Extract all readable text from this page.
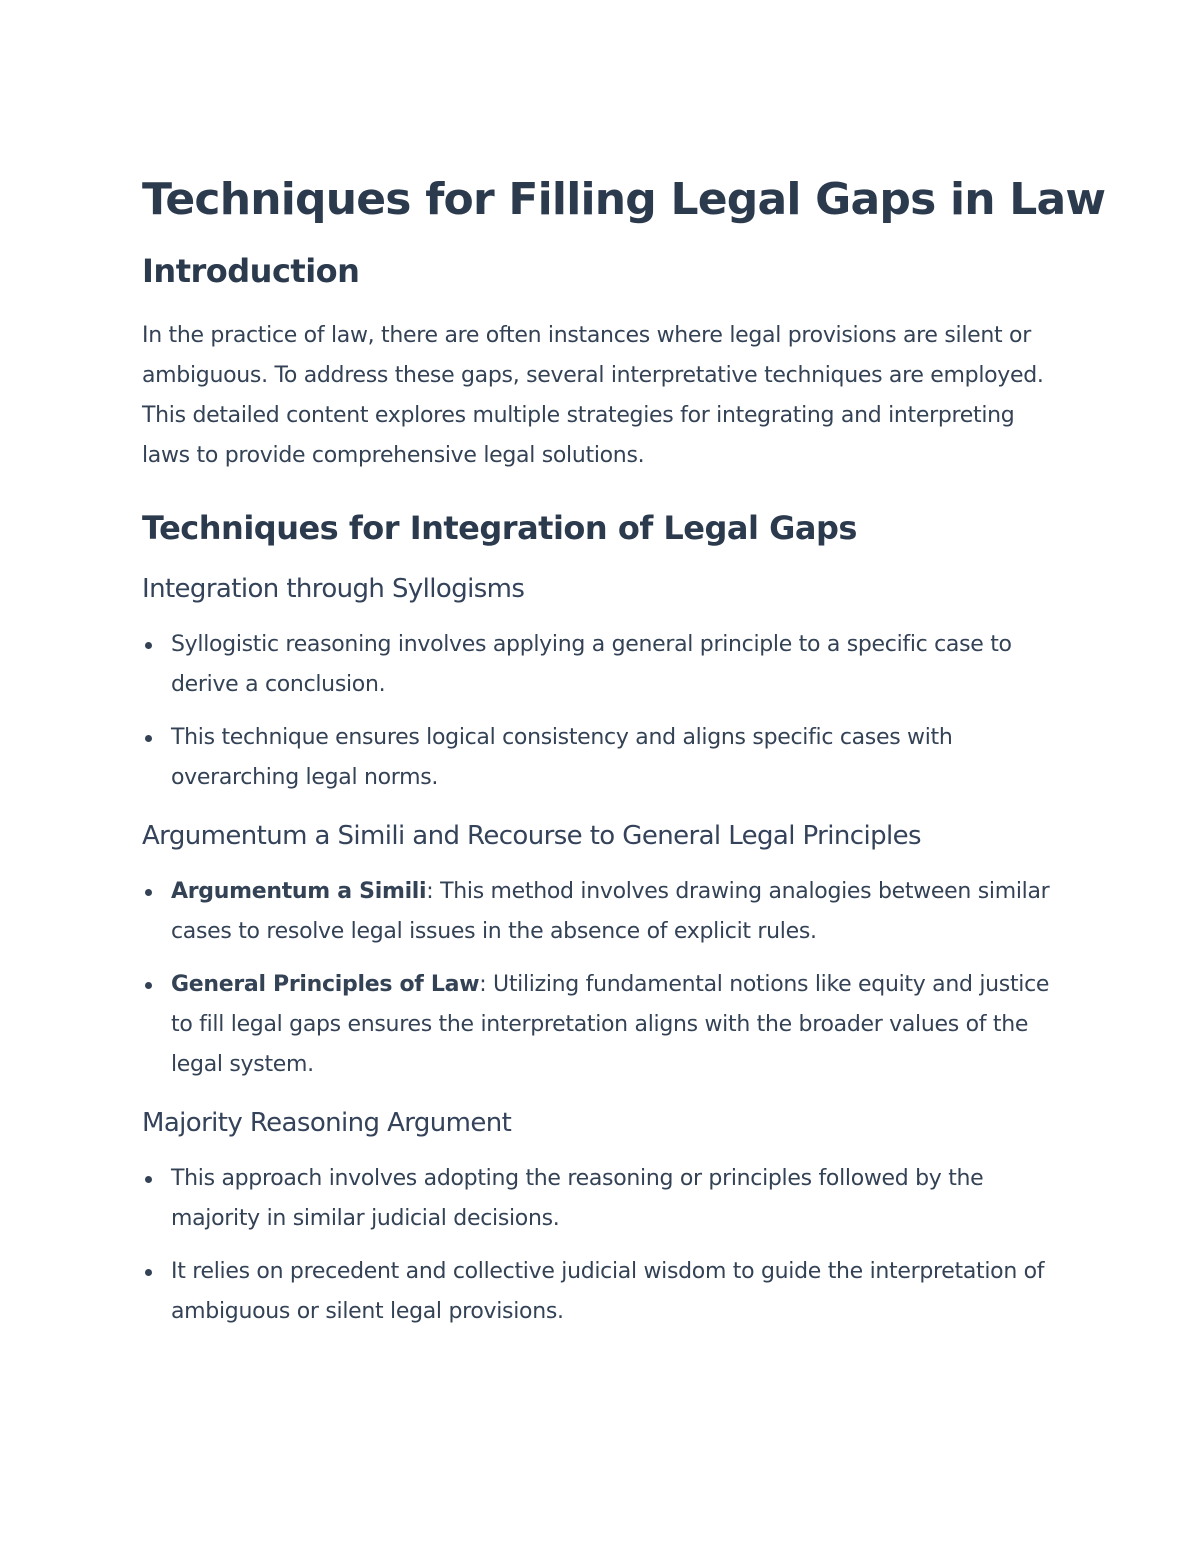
Techniques for Filling Legal Gaps in Law
Introduction

In the practice of law, there are often instances where legal provisions are silent or ambiguous. To address these gaps, several interpretative techniques are employed. This detailed content explores multiple strategies for integrating and interpreting laws to provide comprehensive legal solutions.

Techniques for Integration of Legal Gaps
Integration through Syllogisms
Syllogistic reasoning involves applying a general principle to a specific case to derive a conclusion.
This technique ensures logical consistency and aligns specific cases with overarching legal norms.
Argumentum a Simili and Recourse to General Legal Principles
Argumentum a Simili: This method involves drawing analogies between similar cases to resolve legal issues in the absence of explicit rules.
General Principles of Law: Utilizing fundamental notions like equity and justice to fill legal gaps ensures the interpretation aligns with the broader values of the legal system.
Majority Reasoning Argument
This approach involves adopting the reasoning or principles followed by the majority in similar judicial decisions.
It relies on precedent and collective judicial wisdom to guide the interpretation of ambiguous or silent legal provisions.
